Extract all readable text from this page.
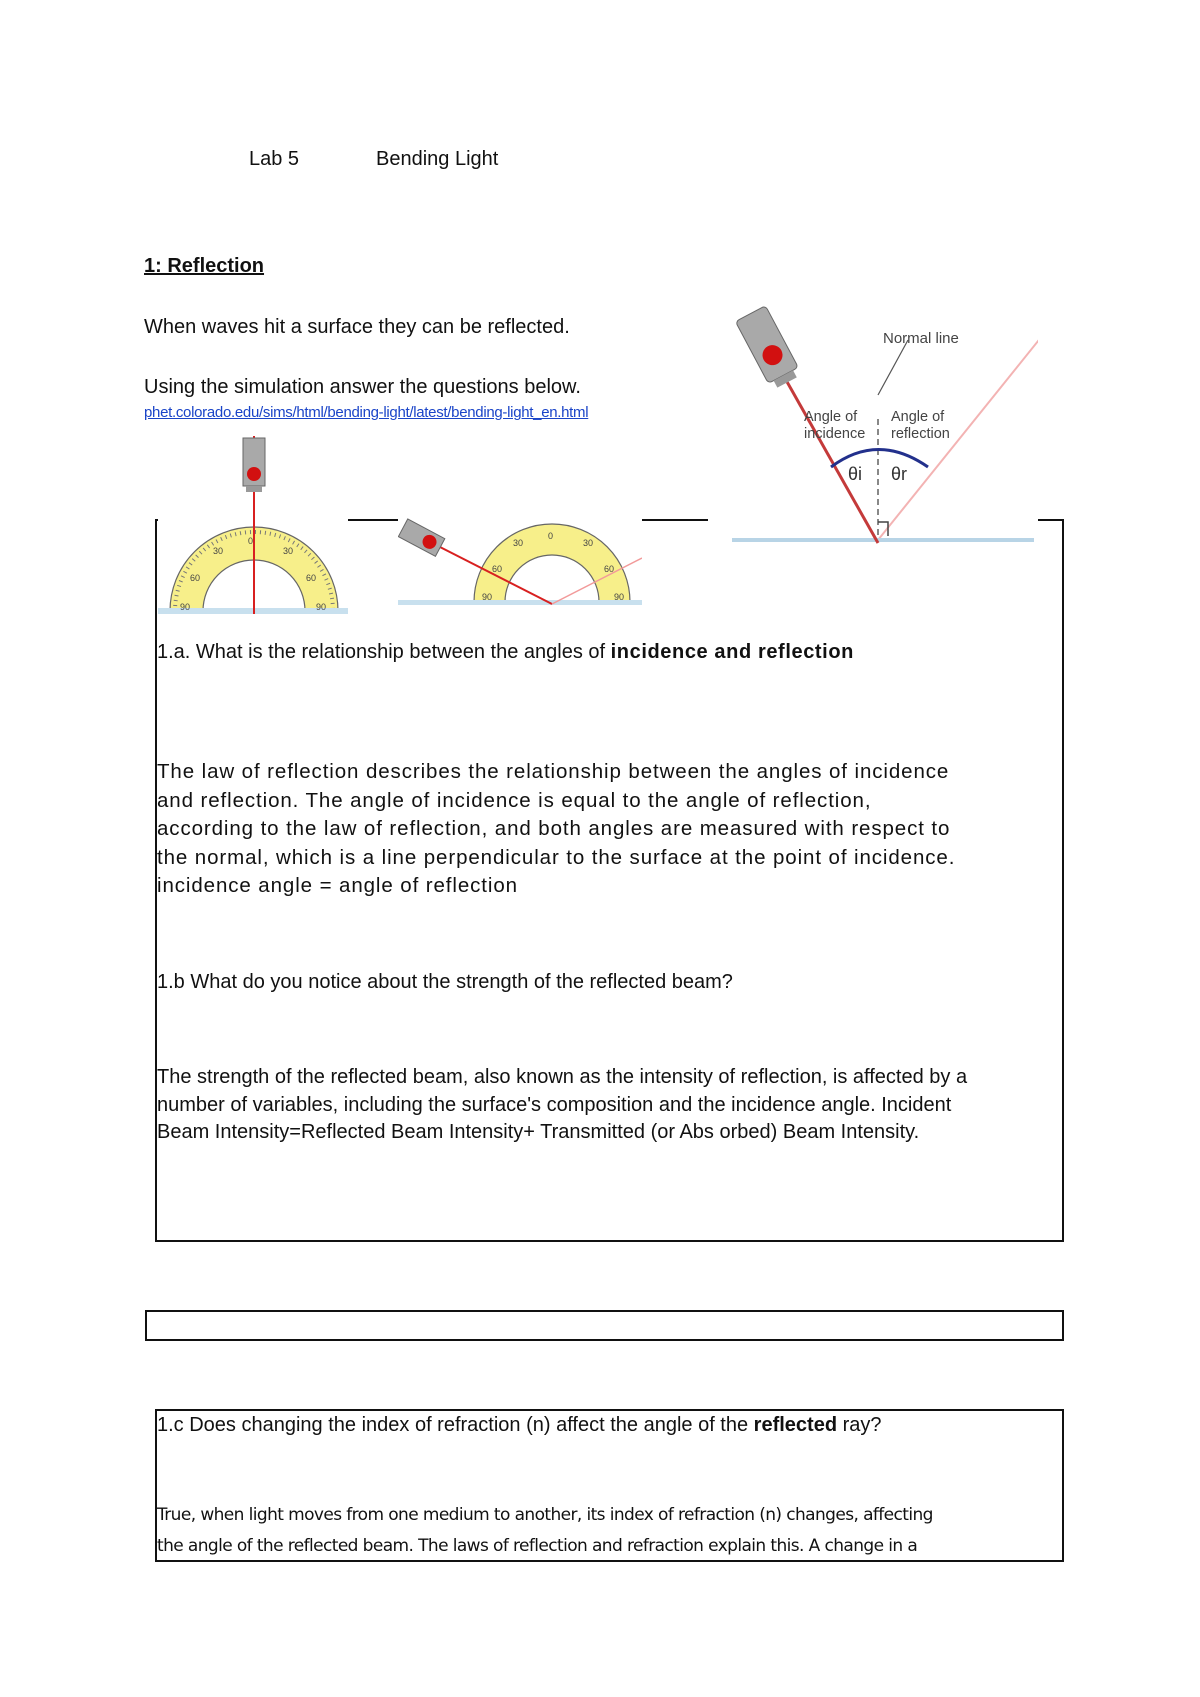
Lab 5	Bending Light
1: Reflection
When waves hit a surface they can be reflected.
Using the simulation answer the questions below.
phet.colorado.edu/sims/html/bending-light/latest/bending-light_en.html
Normal line
Angle of
incidence
Angle of
reflection
θi θr
0
30	30
60	60
90	90
0
30	30
60	60
90	90
1.a. What is the relationship between the angles of incidence and reflection
The law of reflection describes the relationship between the angles of incidence
and reflection. The angle of incidence is equal to the angle of reflection,
according to the law of reflection, and both angles are measured with respect to
the normal, which is a line perpendicular to the surface at the point of incidence.
incidence angle = angle of reflection
1.b What do you notice about the strength of the reflected beam?
The strength of the reflected beam, also known as the intensity of reflection, is affected by a
number of variables, including the surface's composition and the incidence angle. Incident
Beam Intensity=Reflected Beam Intensity+ Transmitted (or Abs orbed) Beam Intensity.
1.c Does changing the index of refraction (n) affect the angle of the reflected ray?
True, when light moves from one medium to another, its index of refraction (n) changes, affecting
the angle of the reflected beam. The laws of reflection and refraction explain this. A change in a
